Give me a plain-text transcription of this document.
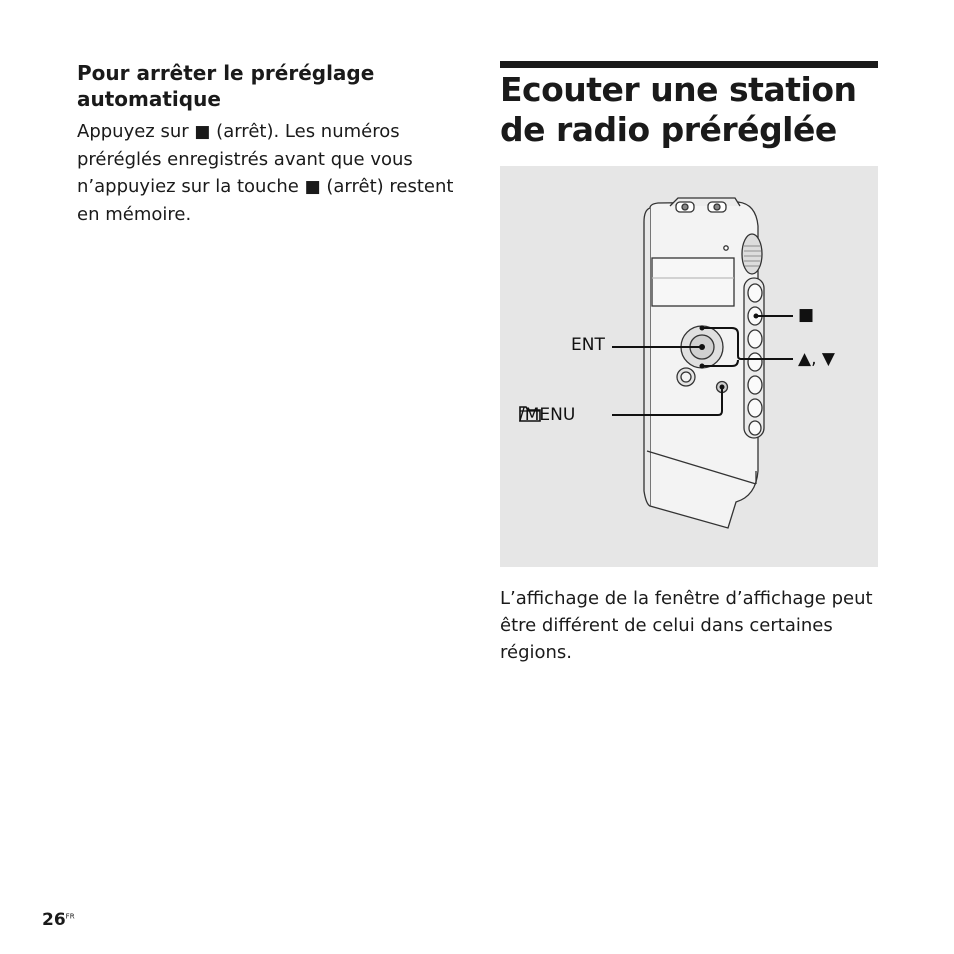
Pour arrêter le préréglage automatique

Appuyez sur ■ (arrêt). Les numéros préréglés enregistrés avant que vous n’appuyiez sur la touche ■ (arrêt) restent en mémoire.

Ecouter une station de radio préréglée
ENT
/MENU
■
▲, ▼

L’affichage de la fenêtre d’affichage peut être différent de celui dans certaines régions.

$26^{FR}$
